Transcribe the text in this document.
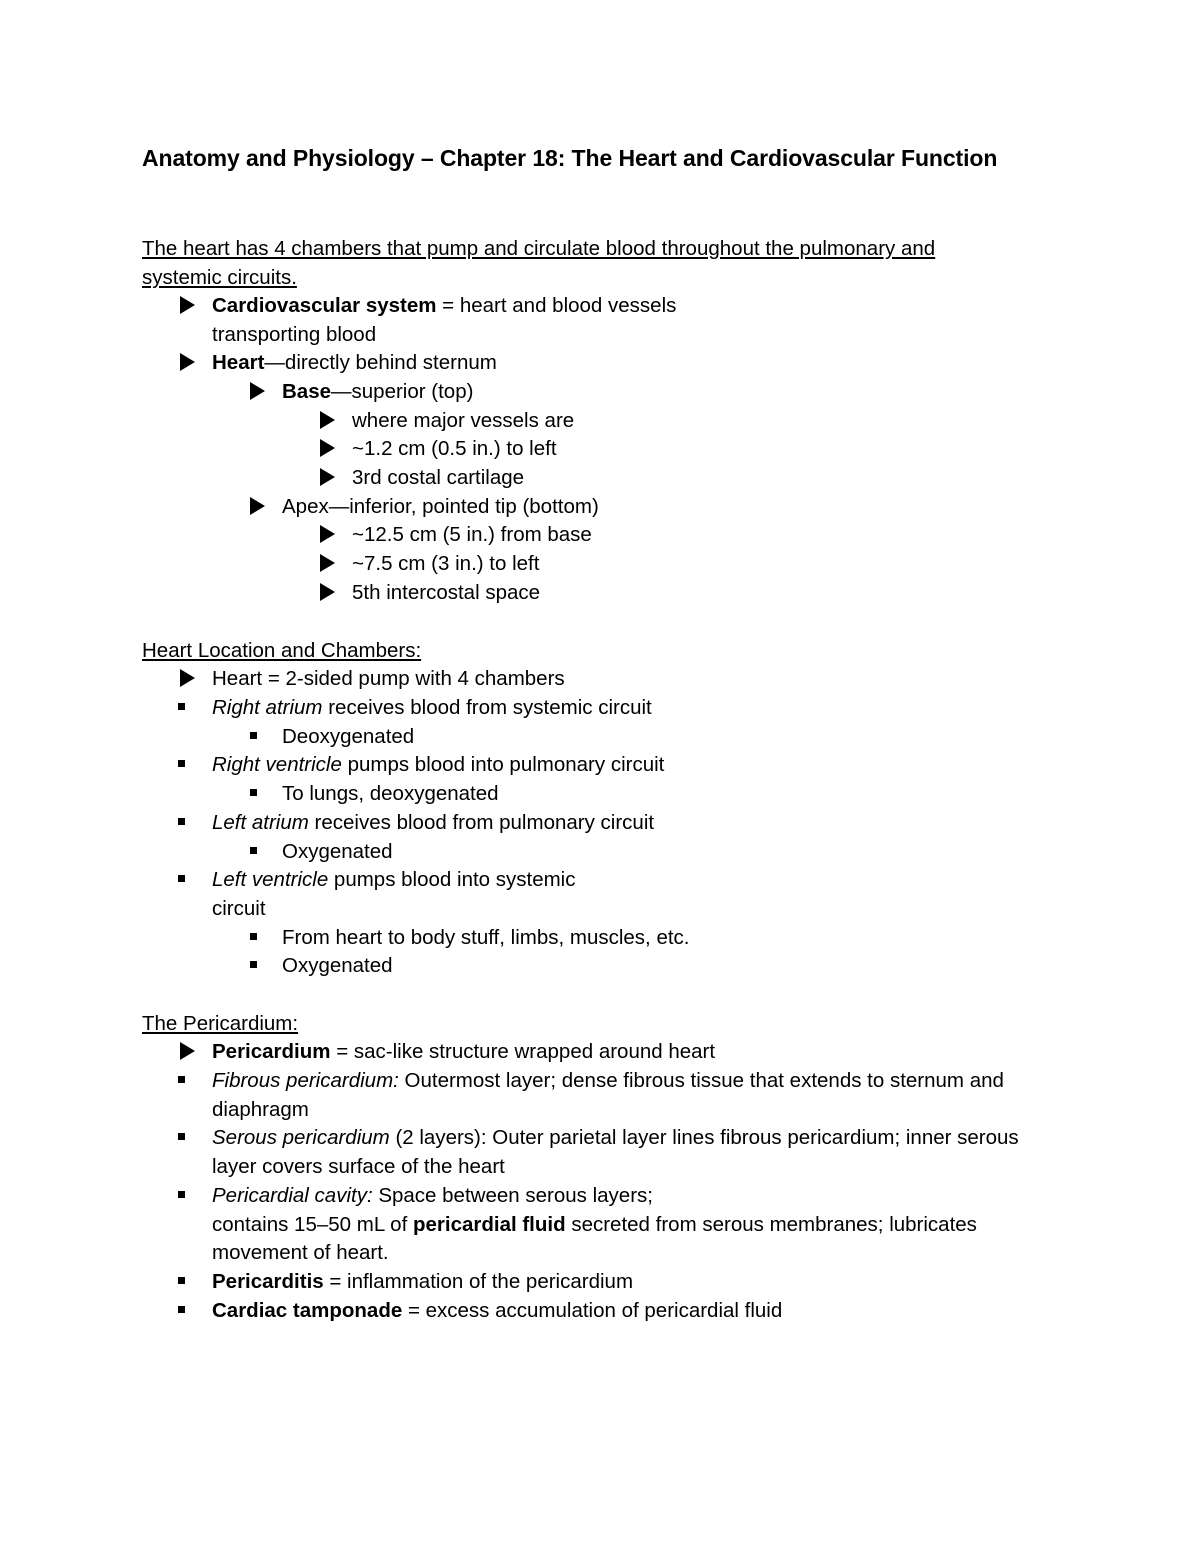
Anatomy and Physiology – Chapter 18: The Heart and Cardiovascular Function
The heart has 4 chambers that pump and circulate blood throughout the pulmonary and
systemic circuits.
Cardiovascular system = heart and blood vessels
transporting blood
Heart—directly behind sternum
Base—superior (top)
where major vessels are
~1.2 cm (0.5 in.) to left
3rd costal cartilage
Apex—inferior, pointed tip (bottom)
~12.5 cm (5 in.) from base
~7.5 cm (3 in.) to left
5th intercostal space
Heart Location and Chambers:
Heart = 2-sided pump with 4 chambers
Right atrium receives blood from systemic circuit
Deoxygenated
Right ventricle pumps blood into pulmonary circuit
To lungs, deoxygenated
Left atrium receives blood from pulmonary circuit
Oxygenated
Left ventricle pumps blood into systemic
circuit
From heart to body stuff, limbs, muscles, etc.
Oxygenated
The Pericardium:
Pericardium = sac-like structure wrapped around heart
Fibrous pericardium: Outermost layer; dense fibrous tissue that extends to sternum and
diaphragm
Serous pericardium (2 layers): Outer parietal layer lines fibrous pericardium; inner serous
layer covers surface of the heart
Pericardial cavity: Space between serous layers;
contains 15–50 mL of pericardial fluid secreted from serous membranes; lubricates
movement of heart.
Pericarditis = inflammation of the pericardium
Cardiac tamponade = excess accumulation of pericardial fluid
